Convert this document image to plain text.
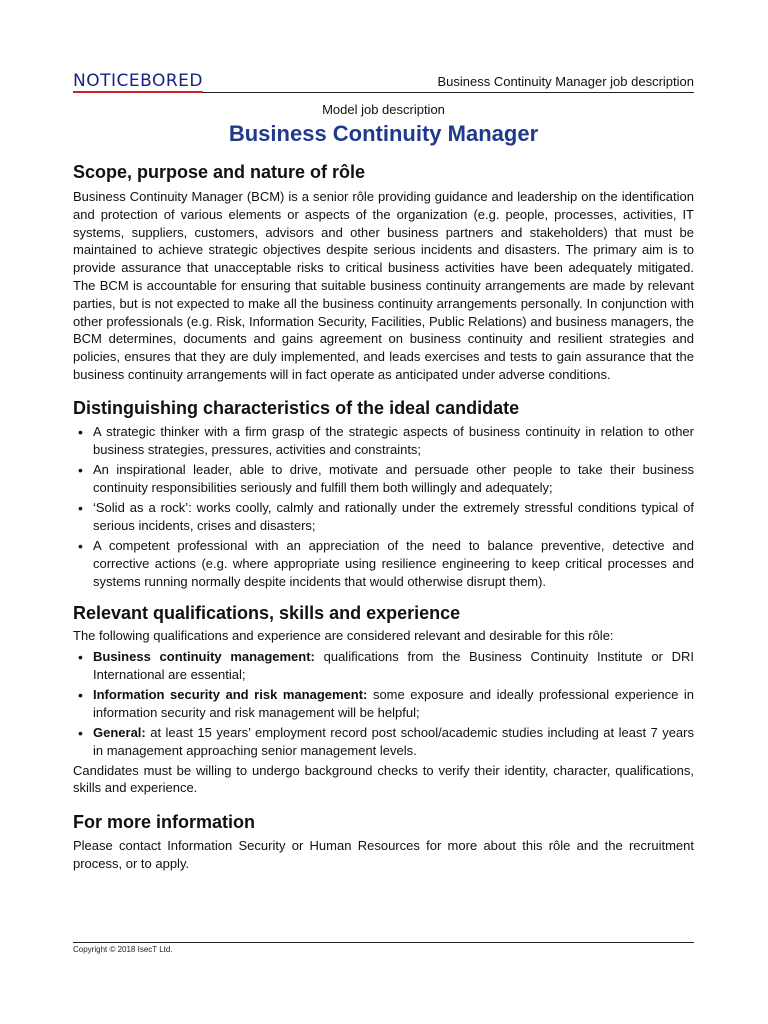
NOTICEBORED	Business Continuity Manager job description
Model job description
Business Continuity Manager
Scope, purpose and nature of rôle

Business Continuity Manager (BCM) is a senior rôle providing guidance and leadership on the identification and protection of various elements or aspects of the organization (e.g. people, processes, activities, IT systems, suppliers, customers, advisors and other business partners and stakeholders) that must be maintained to achieve strategic objectives despite serious incidents and disasters. The primary aim is to provide assurance that unacceptable risks to critical business activities have been adequately mitigated. The BCM is accountable for ensuring that suitable business continuity arrangements are made by relevant parties, but is not expected to make all the business continuity arrangements personally. In conjunction with other professionals (e.g. Risk, Information Security, Facilities, Public Relations) and business managers, the BCM determines, documents and gains agreement on business continuity and resilient strategies and policies, ensures that they are duly implemented, and leads exercises and tests to gain assurance that the business continuity arrangements will in fact operate as anticipated under adverse conditions.

Distinguishing characteristics of the ideal candidate
• A strategic thinker with a firm grasp of the strategic aspects of business continuity in relation to other business strategies, pressures, activities and constraints;
• An inspirational leader, able to drive, motivate and persuade other people to take their business continuity responsibilities seriously and fulfill them both willingly and adequately;
• ‘Solid as a rock’: works coolly, calmly and rationally under the extremely stressful conditions typical of serious incidents, crises and disasters;
• A competent professional with an appreciation of the need to balance preventive, detective and corrective actions (e.g. where appropriate using resilience engineering to keep critical processes and systems running normally despite incidents that would otherwise disrupt them).
Relevant qualifications, skills and experience

The following qualifications and experience are considered relevant and desirable for this rôle:

• Business continuity management: qualifications from the Business Continuity Institute or DRI International are essential;
• Information security and risk management: some exposure and ideally professional experience in information security and risk management will be helpful;
• General: at least 15 years’ employment record post school/academic studies including at least 7 years in management approaching senior management levels.

Candidates must be willing to undergo background checks to verify their identity, character, qualifications, skills and experience.

For more information

Please contact Information Security or Human Resources for more about this rôle and the recruitment process, or to apply.

Copyright © 2018 IsecT Ltd.
